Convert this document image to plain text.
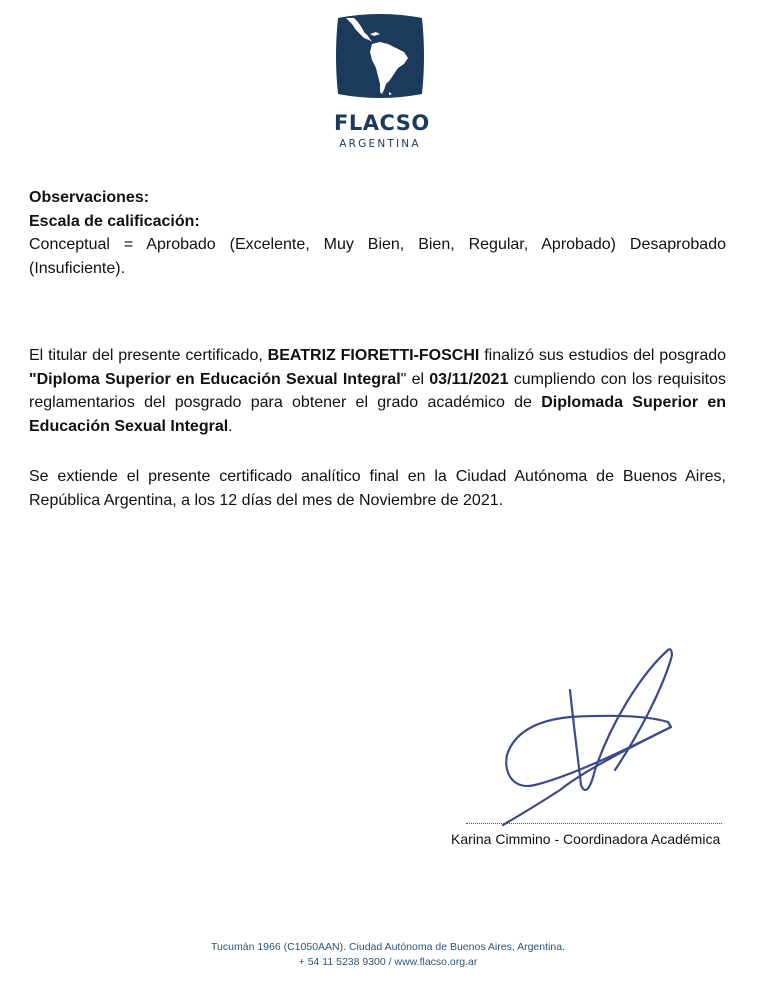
FLACSO
ARGENTINA
Observaciones:
Escala de calificación:
Conceptual = Aprobado (Excelente, Muy Bien, Bien, Regular, Aprobado) Desaprobado (Insuficiente).
El titular del presente certificado, BEATRIZ FIORETTI-FOSCHI finalizó sus estudios del posgrado "Diploma Superior en Educación Sexual Integral" el 03/11/2021 cumpliendo con los requisitos reglamentarios del posgrado para obtener el grado académico de Diplomada Superior en Educación Sexual Integral.
Se extiende el presente certificado analítico final en la Ciudad Autónoma de Buenos Aires, República Argentina, a los 12 días del mes de Noviembre de 2021.
Karina Cimmino - Coordinadora Académica
Tucumán 1966 (C1050AAN). Ciudad Autónoma de Buenos Aires, Argentina.
+ 54 11 5238 9300 / www.flacso.org.ar
